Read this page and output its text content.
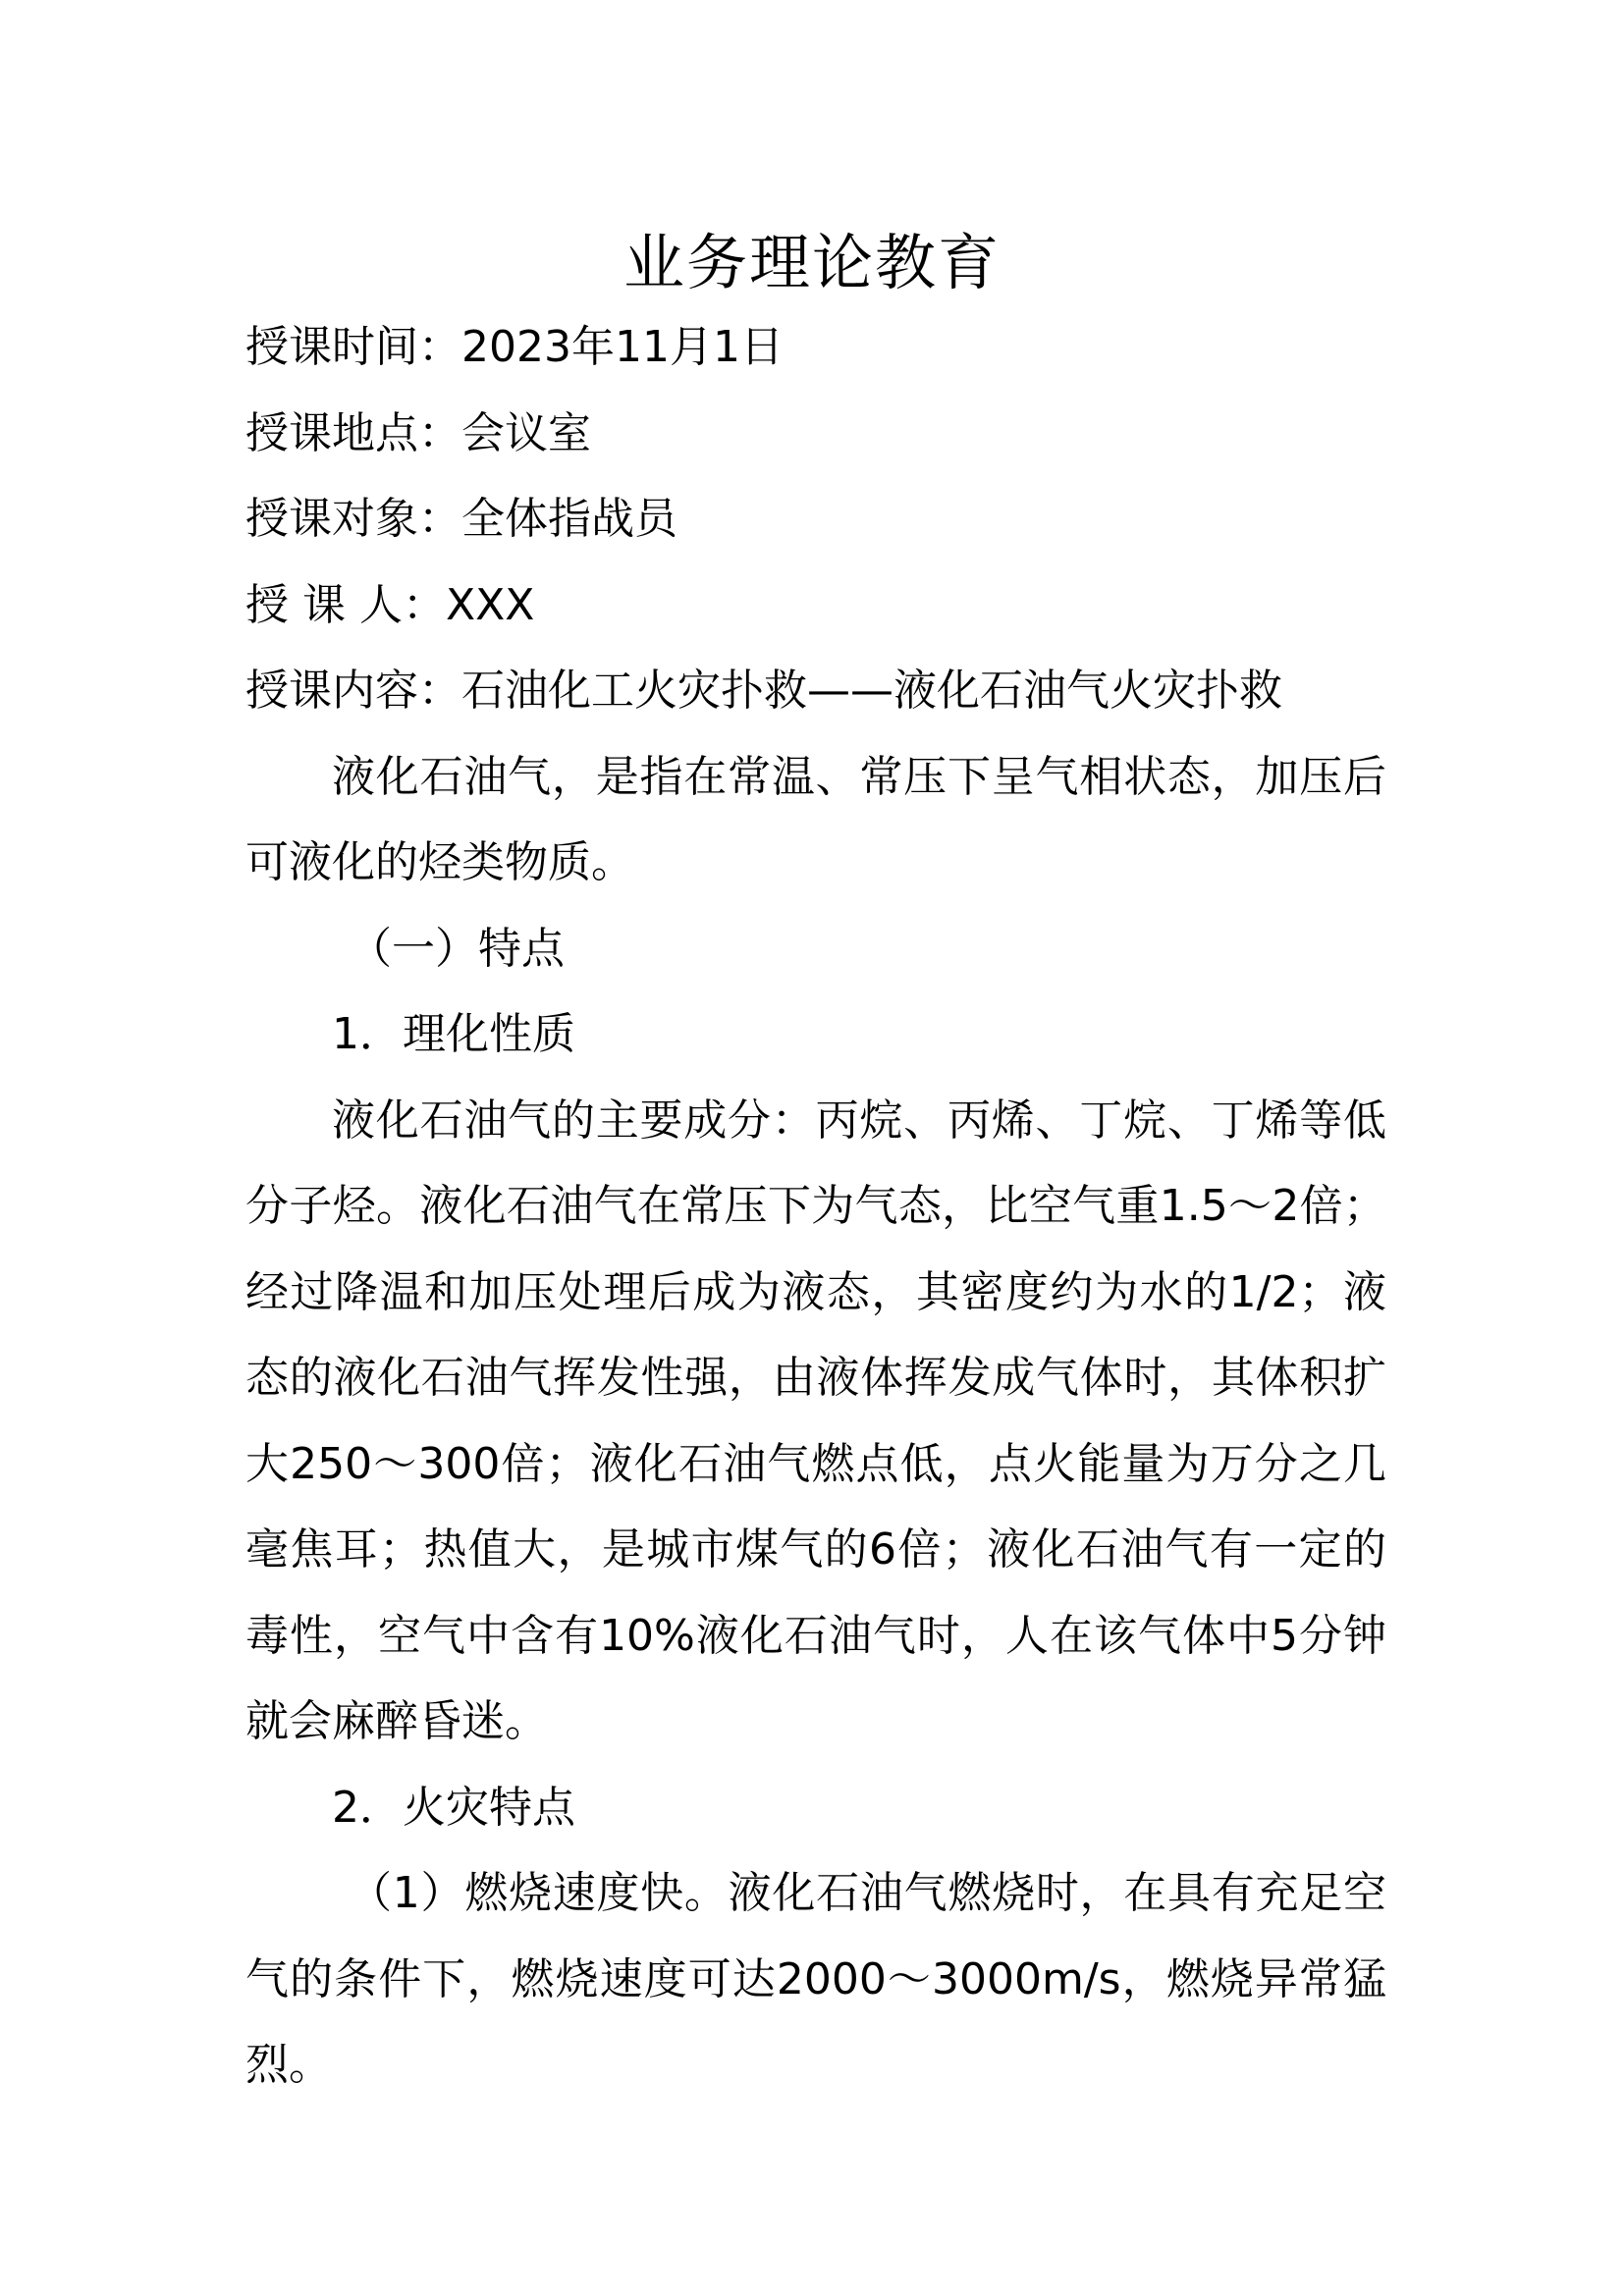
业务理论教育
授课时间：2023年11月1日
授课地点：会议室
授课对象：全体指战员
授 课 人：XXX
授课内容：石油化工火灾扑救——液化石油气火灾扑救

液化石油气，是指在常温、常压下呈气相状态，加压后可液化的烃类物质。

（一）特点

1．理化性质

液化石油气的主要成分：丙烷、丙烯、丁烷、丁烯等低分子烃。液化石油气在常压下为气态，比空气重1.5～2倍；经过降温和加压处理后成为液态，其密度约为水的1/2；液态的液化石油气挥发性强，由液体挥发成气体时，其体积扩大250～300倍；液化石油气燃点低，点火能量为万分之几毫焦耳；热值大，是城市煤气的6倍；液化石油气有一定的毒性，空气中含有10%液化石油气时，人在该气体中5分钟就会麻醉昏迷。

2．火灾特点

（1）燃烧速度快。液化石油气燃烧时，在具有充足空气的条件下，燃烧速度可达2000～3000m/s，燃烧异常猛烈。
